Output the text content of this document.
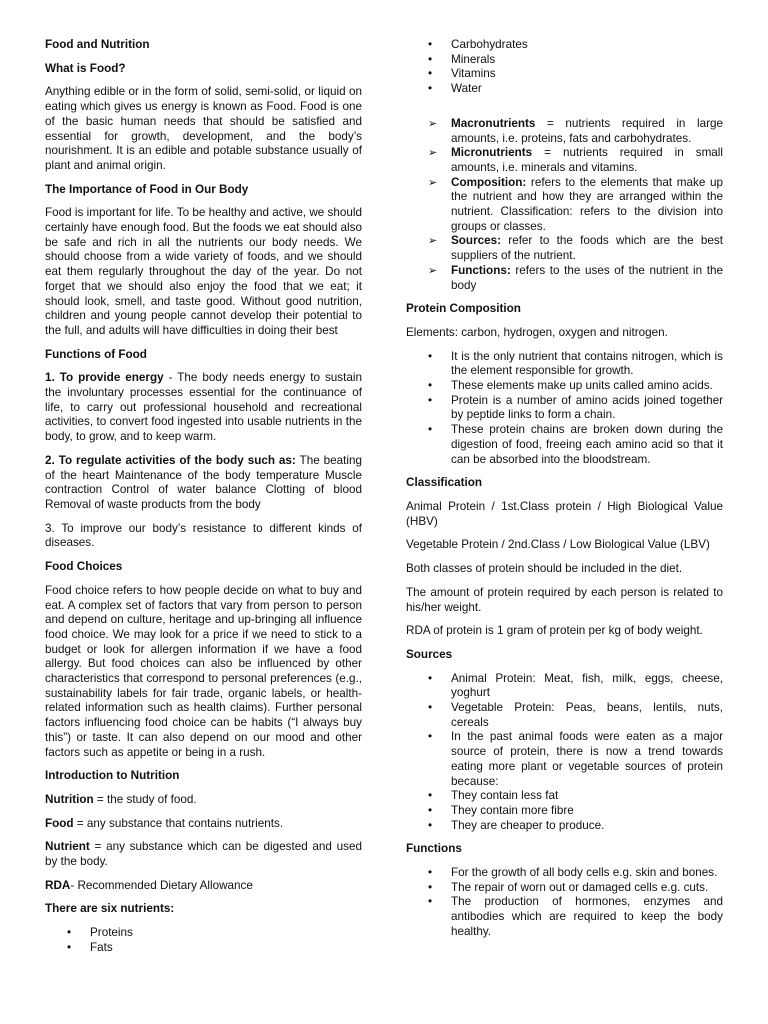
Food and Nutrition

What is Food?

Anything edible or in the form of solid, semi-solid, or liquid on eating which gives us energy is known as Food. Food is one of the basic human needs that should be satisfied and essential for growth, development, and the body’s nourishment. It is an edible and potable substance usually of plant and animal origin.

The Importance of Food in Our Body

Food is important for life. To be healthy and active, we should certainly have enough food. But the foods we eat should also be safe and rich in all the nutrients our body needs. We should choose from a wide variety of foods, and we should eat them regularly throughout the day of the year. Do not forget that we should also enjoy the food that we eat; it should look, smell, and taste good. Without good nutrition, children and young people cannot develop their potential to the full, and adults will have difficulties in doing their best

Functions of Food

1. To provide energy - The body needs energy to sustain the involuntary processes essential for the continuance of life, to carry out professional household and recreational activities, to convert food ingested into usable nutrients in the body, to grow, and to keep warm.

2. To regulate activities of the body such as: The beating of the heart Maintenance of the body temperature Muscle contraction Control of water balance Clotting of blood Removal of waste products from the body

3. To improve our body’s resistance to different kinds of diseases.

Food Choices

Food choice refers to how people decide on what to buy and eat. A complex set of factors that vary from person to person and depend on culture, heritage and up-bringing all influence food choice. We may look for a price if we need to stick to a budget or look for allergen information if we have a food allergy. But food choices can also be influenced by other characteristics that correspond to personal preferences (e.g., sustainability labels for fair trade, organic labels, or health-related information such as health claims). Further personal factors influencing food choice can be habits (“I always buy this”) or taste. It can also depend on our mood and other factors such as appetite or being in a rush.

Introduction to Nutrition

Nutrition = the study of food.

Food = any substance that contains nutrients.

Nutrient = any substance which can be digested and used by the body.

RDA- Recommended Dietary Allowance

There are six nutrients:

• Proteins
• Fats
• Carbohydrates
• Minerals
• Vitamins
• Water
➢ Macronutrients = nutrients required in large amounts, i.e. proteins, fats and carbohydrates.
➢ Micronutrients = nutrients required in small amounts, i.e. minerals and vitamins.
➢ Composition: refers to the elements that make up the nutrient and how they are arranged within the nutrient. Classification: refers to the division into groups or classes.
➢ Sources: refer to the foods which are the best suppliers of the nutrient.
➢ Functions: refers to the uses of the nutrient in the body

Protein Composition

Elements: carbon, hydrogen, oxygen and nitrogen.

• It is the only nutrient that contains nitrogen, which is the element responsible for growth.
• These elements make up units called amino acids.
• Protein is a number of amino acids joined together by peptide links to form a chain.
• These protein chains are broken down during the digestion of food, freeing each amino acid so that it can be absorbed into the bloodstream.

Classification

Animal Protein / 1st.Class protein / High Biological Value (HBV)

Vegetable Protein / 2nd.Class / Low Biological Value (LBV)

Both classes of protein should be included in the diet.

The amount of protein required by each person is related to his/her weight.

RDA of protein is 1 gram of protein per kg of body weight.

Sources

• Animal Protein: Meat, fish, milk, eggs, cheese, yoghurt
• Vegetable Protein: Peas, beans, lentils, nuts, cereals
• In the past animal foods were eaten as a major source of protein, there is now a trend towards eating more plant or vegetable sources of protein because:
• They contain less fat
• They contain more fibre
• They are cheaper to produce.

Functions

• For the growth of all body cells e.g. skin and bones.
• The repair of worn out or damaged cells e.g. cuts.
• The production of hormones, enzymes and antibodies which are required to keep the body healthy.
